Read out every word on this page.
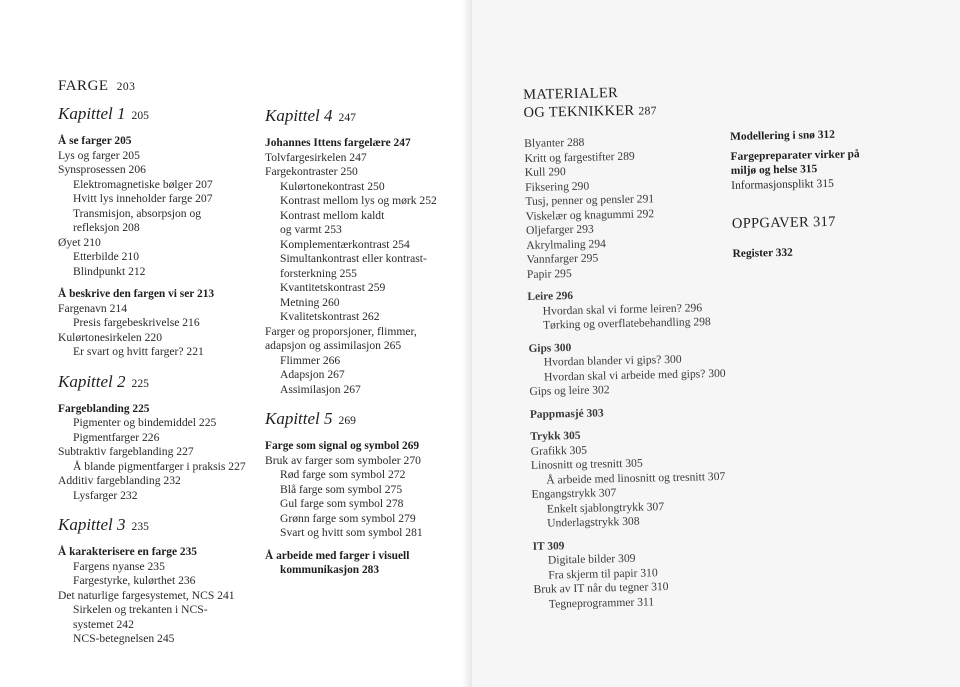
FARGE 203
Kapittel 1 205
Å se farger 205
Lys og farger 205
Synsprosessen 206
Elektromagnetiske bølger 207
Hvitt lys inneholder farge 207
Transmisjon, absorpsjon og
refleksjon 208
Øyet 210
Etterbilde 210
Blindpunkt 212
Å beskrive den fargen vi ser 213
Fargenavn 214
Presis fargebeskrivelse 216
Kulørtonesirkelen 220
Er svart og hvitt farger? 221
Kapittel 2 225
Fargeblanding 225
Pigmenter og bindemiddel 225
Pigmentfarger 226
Subtraktiv fargeblanding 227
Å blande pigmentfarger i praksis 227
Additiv fargeblanding 232
Lysfarger 232
Kapittel 3 235
Å karakterisere en farge 235
Fargens nyanse 235
Fargestyrke, kulørthet 236
Det naturlige fargesystemet, NCS 241
Sirkelen og trekanten i NCS-
systemet 242
NCS-betegnelsen 245
Kapittel 4 247
Johannes Ittens fargelære 247
Tolvfargesirkelen 247
Fargekontraster 250
Kulørtonekontrast 250
Kontrast mellom lys og mørk 252
Kontrast mellom kaldt
og varmt 253
Komplementærkontrast 254
Simultankontrast eller kontrast-
forsterkning 255
Kvantitetskontrast 259
Metning 260
Kvalitetskontrast 262
Farger og proporsjoner, flimmer,
adapsjon og assimilasjon 265
Flimmer 266
Adapsjon 267
Assimilasjon 267
Kapittel 5 269
Farge som signal og symbol 269
Bruk av farger som symboler 270
Rød farge som symbol 272
Blå farge som symbol 275
Gul farge som symbol 278
Grønn farge som symbol 279
Svart og hvitt som symbol 281
Å arbeide med farger i visuell
kommunikasjon 283
MATERIALER
OG TEKNIKKER 287
Blyanter 288
Kritt og fargestifter 289
Kull 290
Fiksering 290
Tusj, penner og pensler 291
Viskelær og knagummi 292
Oljefarger 293
Akrylmaling 294
Vannfarger 295
Papir 295
Leire 296
Hvordan skal vi forme leiren? 296
Tørking og overflatebehandling 298
Gips 300
Hvordan blander vi gips? 300
Hvordan skal vi arbeide med gips? 300
Gips og leire 302
Pappmasjé 303
Trykk 305
Grafikk 305
Linosnitt og tresnitt 305
Å arbeide med linosnitt og tresnitt 307
Engangstrykk 307
Enkelt sjablongtrykk 307
Underlagstrykk 308
IT 309
Digitale bilder 309
Fra skjerm til papir 310
Bruk av IT når du tegner 310
Tegneprogrammer 311
Modellering i snø 312
Fargepreparater virker på
miljø og helse 315
Informasjonsplikt 315
OPPGAVER 317
Register 332
